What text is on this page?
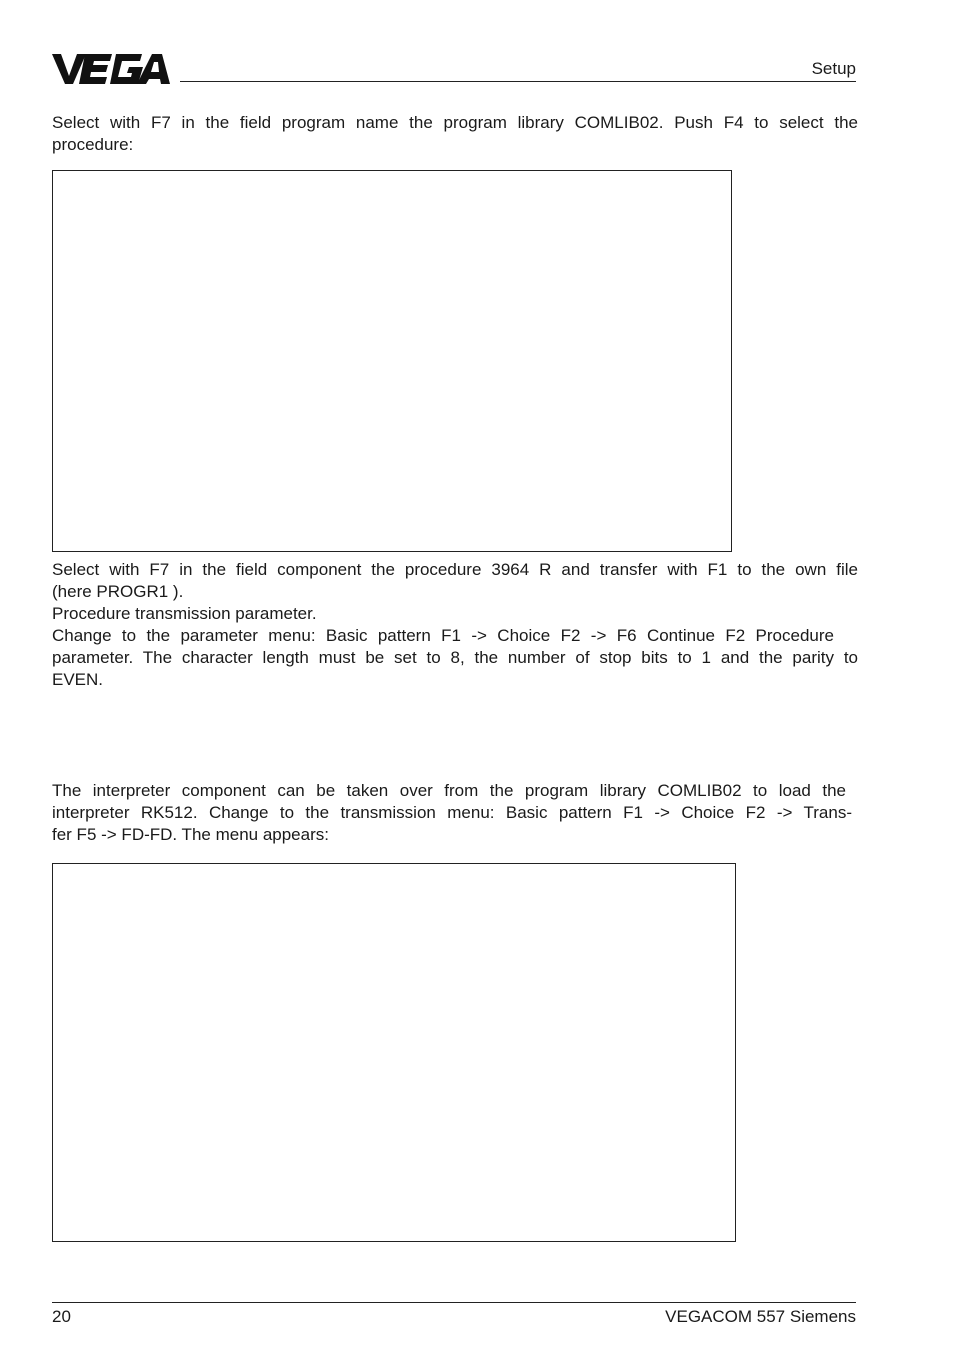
Setup
Select with F7 in the field program name the program library COMLIB02. Push F4 to select the
procedure:
Select with F7 in the field component the procedure 3964 R and transfer with F1 to the own file
(here PROGR1 ).
Procedure transmission parameter.
Change to the parameter menu: Basic pattern F1 -> Choice F2 -> F6 Continue F2 Procedure
parameter. The character length must be set to 8, the number of stop bits to 1 and the parity to
EVEN.
The interpreter component can be taken over from the program library COMLIB02 to load the
interpreter RK512. Change to the transmission menu: Basic pattern F1 -> Choice F2 -> Trans-
fer F5 -> FD-FD. The menu appears:
20	VEGACOM 557 Siemens
